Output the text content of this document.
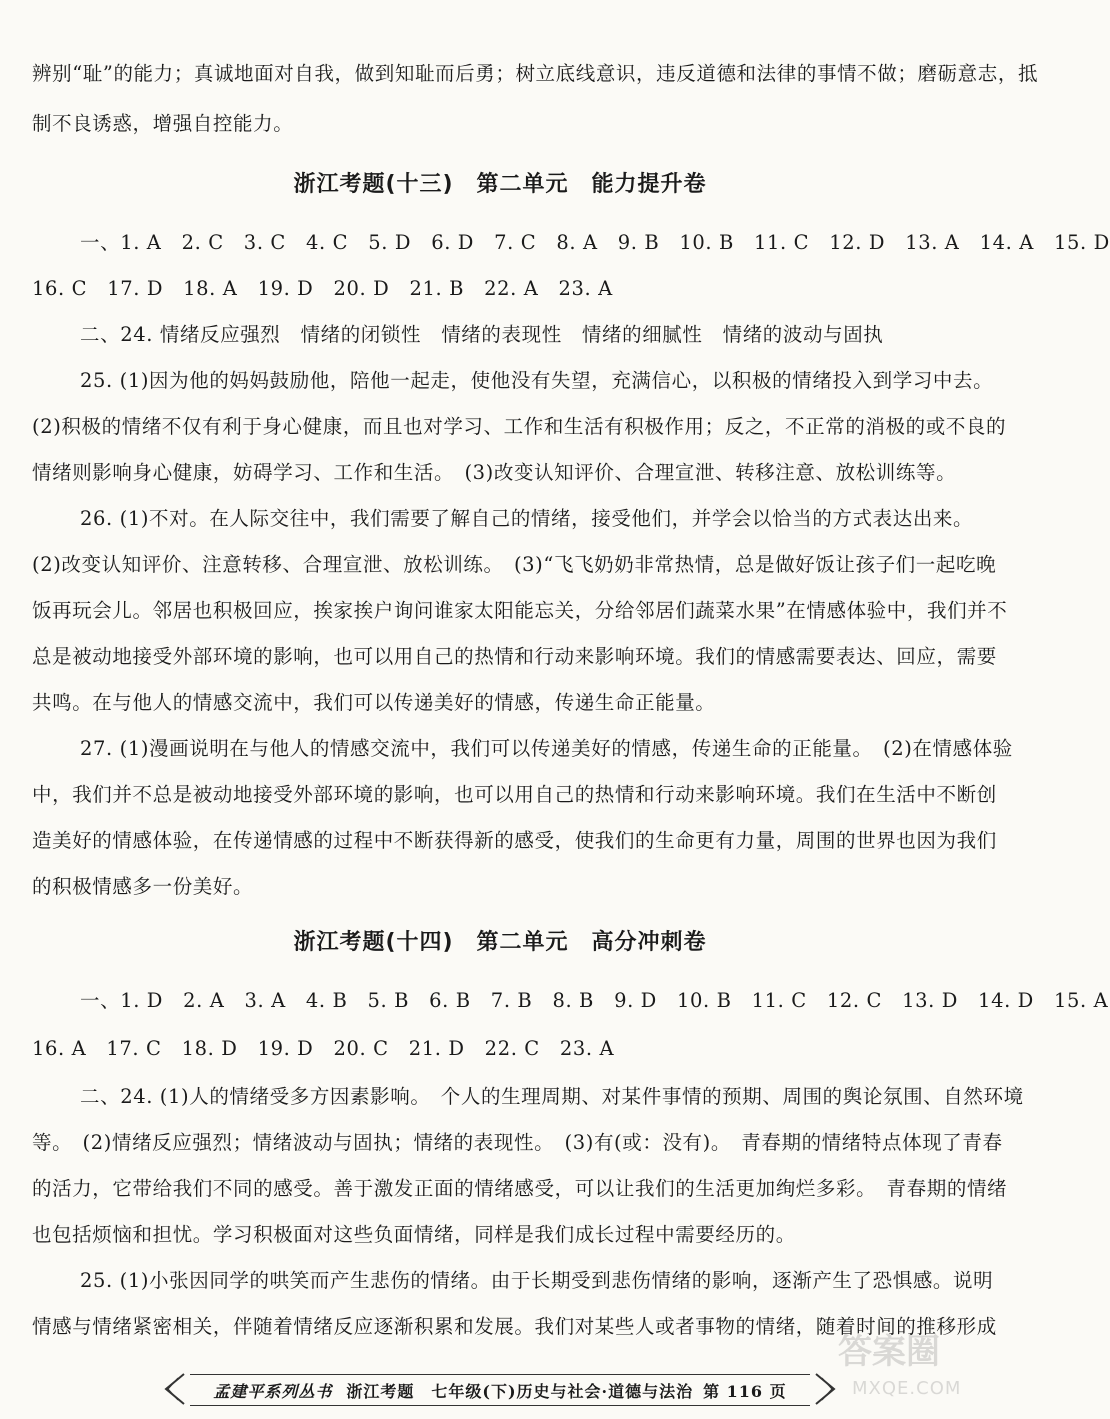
辨别“耻”的能力；真诚地面对自我，做到知耻而后勇；树立底线意识，违反道德和法律的事情不做；磨砺意志，抵
制不良诱惑，增强自控能力。
浙江考题(十三)　第二单元　能力提升卷
一、1. A　2. C　3. C　4. C　5. D　6. D　7. C　8. A　9. B　10. B　11. C　12. D　13. A　14. A　15. D
16. C　17. D　18. A　19. D　20. D　21. B　22. A　23. A
二、24. 情绪反应强烈　情绪的闭锁性　情绪的表现性　情绪的细腻性　情绪的波动与固执
25. (1)因为他的妈妈鼓励他，陪他一起走，使他没有失望，充满信心，以积极的情绪投入到学习中去。
(2)积极的情绪不仅有利于身心健康，而且也对学习、工作和生活有积极作用；反之，不正常的消极的或不良的
情绪则影响身心健康，妨碍学习、工作和生活。　(3)改变认知评价、合理宣泄、转移注意、放松训练等。
26. (1)不对。在人际交往中，我们需要了解自己的情绪，接受他们，并学会以恰当的方式表达出来。
(2)改变认知评价、注意转移、合理宣泄、放松训练。　(3)“飞飞奶奶非常热情，总是做好饭让孩子们一起吃晚
饭再玩会儿。邻居也积极回应，挨家挨户询问谁家太阳能忘关，分给邻居们蔬菜水果”在情感体验中，我们并不
总是被动地接受外部环境的影响，也可以用自己的热情和行动来影响环境。我们的情感需要表达、回应，需要
共鸣。在与他人的情感交流中，我们可以传递美好的情感，传递生命正能量。
27. (1)漫画说明在与他人的情感交流中，我们可以传递美好的情感，传递生命的正能量。　(2)在情感体验
中，我们并不总是被动地接受外部环境的影响，也可以用自己的热情和行动来影响环境。我们在生活中不断创
造美好的情感体验，在传递情感的过程中不断获得新的感受，使我们的生命更有力量，周围的世界也因为我们
的积极情感多一份美好。
浙江考题(十四)　第二单元　高分冲刺卷
一、1. D　2. A　3. A　4. B　5. B　6. B　7. B　8. B　9. D　10. B　11. C　12. C　13. D　14. D　15. A
16. A　17. C　18. D　19. D　20. C　21. D　22. C　23. A
二、24. (1)人的情绪受多方因素影响。　个人的生理周期、对某件事情的预期、周围的舆论氛围、自然环境
等。　(2)情绪反应强烈；情绪波动与固执；情绪的表现性。　(3)有(或：没有)。　青春期的情绪特点体现了青春
的活力，它带给我们不同的感受。善于激发正面的情绪感受，可以让我们的生活更加绚烂多彩。　青春期的情绪
也包括烦恼和担忧。学习积极面对这些负面情绪，同样是我们成长过程中需要经历的。
25. (1)小张因同学的哄笑而产生悲伤的情绪。由于长期受到悲伤情绪的影响，逐渐产生了恐惧感。说明
情感与情绪紧密相关，伴随着情绪反应逐渐积累和发展。我们对某些人或者事物的情绪，随着时间的推移形成
孟建平系列丛书 浙江考题　七年级(下)历史与社会·道德与法治 第 116 页
答案圈
MXQE.COM
